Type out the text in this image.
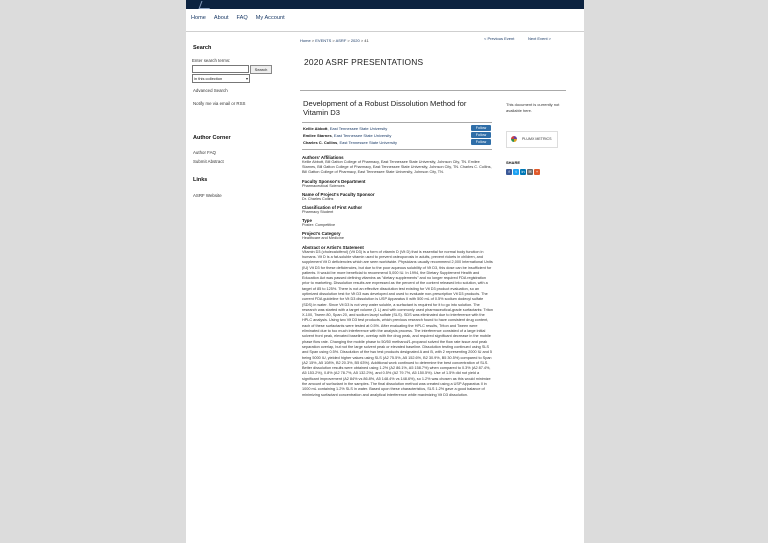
Home About FAQ My Account
Search
Enter search terms:
Search
in this collection	▾
Advanced Search
Notify me via email or RSS
Author Corner
Author FAQ
Submit Abstract
Links
ASRF Website
Home > EVENTS > ASRF > 2020 > 41	< Previous Event	Next Event >
2020 ASRF PRESENTATIONS
Development of a Robust Dissolution Method for Vitamin D3
Kellie Abbott, East Tennessee State University
Emilee Starnes, East Tennessee State University
Charles C. Collins, East Tennessee State University
Follow
Follow
Follow
Authors' Affiliations
Kellie Abbott, Bill Gatton College of Pharmacy, East Tennessee State University, Johnson City, TN. Emilee Starnes, Bill Gatton College of Pharmacy, East Tennessee State University, Johnson City, TN. Charles C. Collins, Bill Gatton College of Pharmacy, East Tennessee State University, Johnson City, TN.
Faculty Sponsor's Department
Pharmaceutical Sciences
Name of Project's Faculty Sponsor
Dr. Charles Collins
Classification of First Author
Pharmacy Student
Type
Poster: Competitive
Project's Category
Healthcare and Medicine
Abstract or Artist's Statement
Vitamin D3 (cholecalciferol) (Vit D3) is a form of vitamin D (Vit D) that is essential for normal body function in humans. Vit D is a fat-soluble vitamin used to prevent osteoporosis in adults, prevent rickets in children, and supplement Vit D deficiencies which are seen worldwide. Physicians usually recommend 2,000 International Units (IU) Vit D3 for these deficiencies, but due to the poor aqueous solubility of Vit D3, this dose can be insufficient for patients. It would be more beneficial to recommend 5,000 IU. In 1994, the Dietary Supplement Health and Education Act was passed defining vitamins as "dietary supplements" and no longer required FDA registration prior to marketing. Dissolution results are expressed as the percent of the content released into solution, with a target of 85 to 125%. There is not an effective dissolution test existing for Vit D3 product evaluation, so an optimized dissolution test for Vit D3 was developed and used to evaluate non-prescription Vit D3 products. The current FDA guideline for Vit D3 dissolution is USP Apparatus II with 500 mL of 0.5% sodium dodecyl sulfate (SDS) in water. Since Vit D3 is not very water soluble, a surfactant is required for it to go into solution. The research was started with a target volume (1 L) and with commonly used pharmaceutical-grade surfactants: Triton X-100, Tween 80, Span 20, and sodium lauryl sulfate (SLS). SDS was eliminated due to interference with the HPLC analysis. Using two Vit D3 test products, which previous research found to have consistent drug content, each of these surfactants were tested at 0.5%. After evaluating the HPLC results, Triton and Tween were eliminated due to too much interference with the analysis process. The interference consisted of a large initial solvent front peak, elevated baseline, overlap with the drug peak, and required significant decrease in the mobile phase flow rate. Changing the mobile phase to 50/50 methanol/1-propanol solved the flow rate issue and peak separation overlap, but not the large solvent peak or elevated baseline. Dissolution testing continued using SLS and Span using 0.5%. Dissolution of the two test products designated A and B, with 2 representing 2000 IU and 5 being 5000 IU, yielded higher values using SLS (A2 75.5%, A5 152.6%, B2 30.9%, B5 30.5%) compared to Span (A2 15%, A5 108%, B2 20.3%, B5 63%). Additional work continued to determine the best concentration of SLS. Better dissolution results were obtained using 1.2% (A2 86.1%, A5 158.7%) when compared to 0.3% (A2 87.4%, A5 153.2%), 0.8% (A2 78.7%, A5 132.2%), and 0.5% (A2 79.7%, A5 150.5%). Use of 1.5% did not yield a significant improvement (A2 84% vs 86.8%, A5 148.4% vs 148.6%), so 1.2% was chosen as this would minimize the amount of surfactant in the samples. The final dissolution method was created using a USP Apparatus II in 1000 mL containing 1.2% SLS in water. Based upon these characteristics, SLS 1.2% gave a good balance of minimizing surfactant concentration and analytical interference while maximizing Vit D3 dissolution.
This document is currently not available here.
PLUMX METRICS
SHARE
f	t	in ✉	+
